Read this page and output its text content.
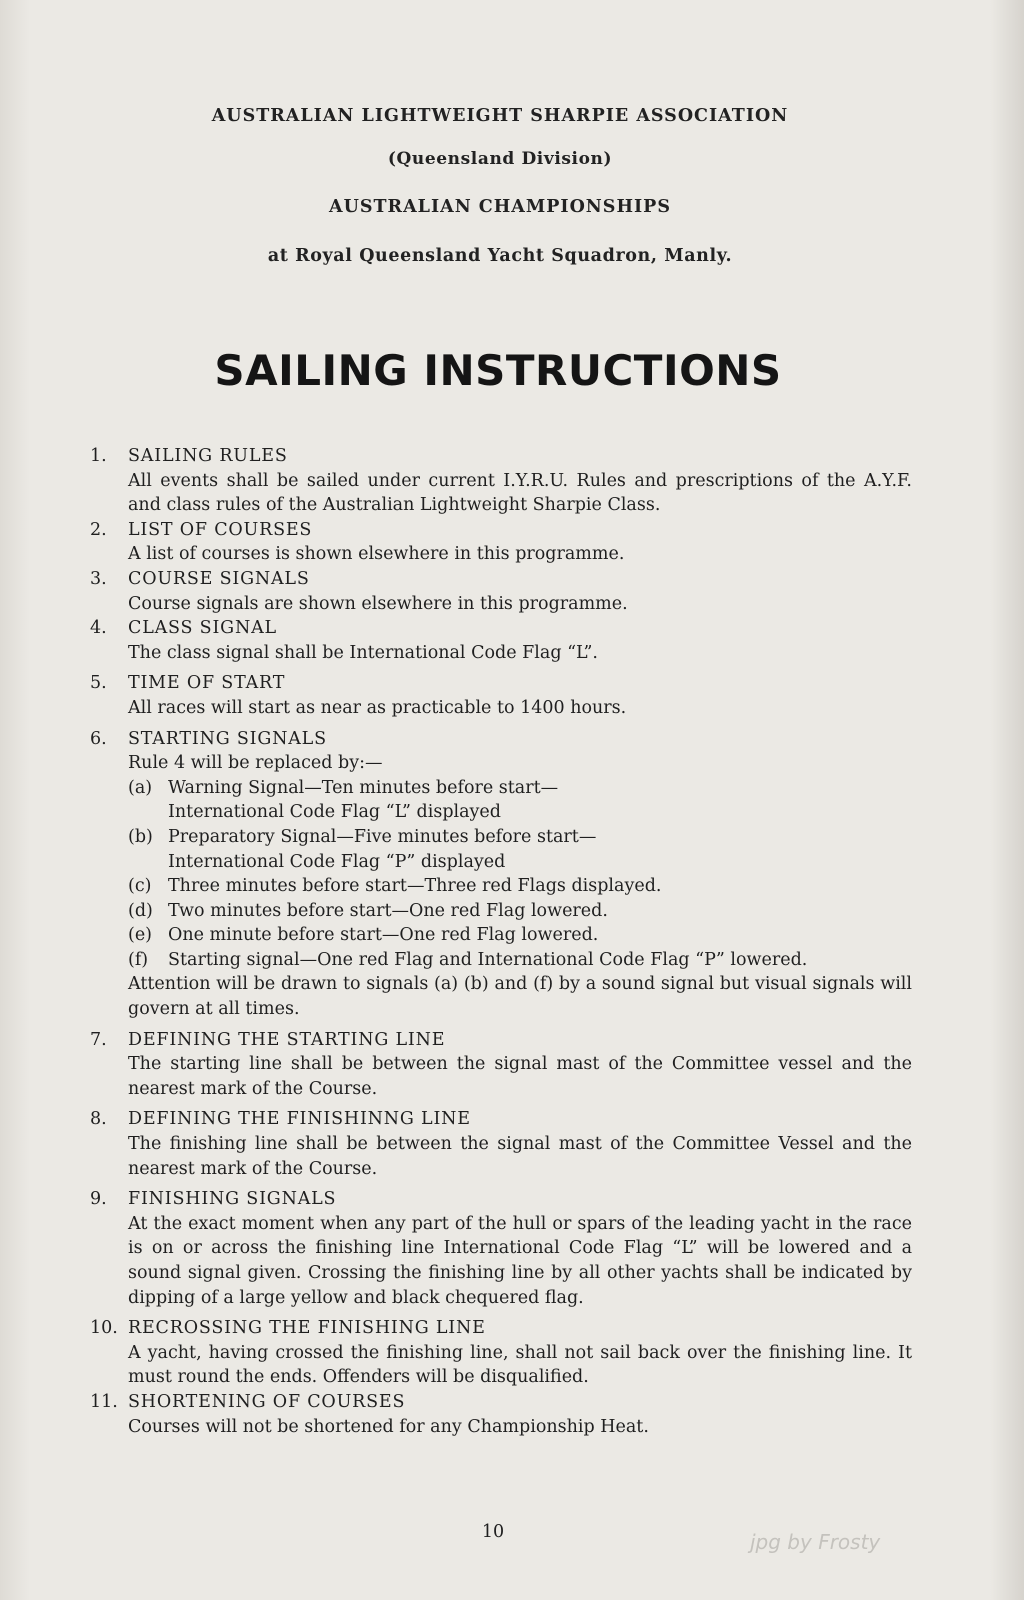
AUSTRALIAN LIGHTWEIGHT SHARPIE ASSOCIATION
(Queensland Division)
AUSTRALIAN CHAMPIONSHIPS
at Royal Queensland Yacht Squadron, Manly.
SAILING INSTRUCTIONS
1.	SAILING RULES
All events shall be sailed under current I.Y.R.U. Rules and prescriptions of the A.Y.F. and class rules of the Australian Lightweight Sharpie Class.
2.	LIST OF COURSES
A list of courses is shown elsewhere in this programme.
3.	COURSE SIGNALS
Course signals are shown elsewhere in this programme.
4.	CLASS SIGNAL
The class signal shall be International Code Flag “L”.
5.	TIME OF START
All races will start as near as practicable to 1400 hours.
6.	STARTING SIGNALS
Rule 4 will be replaced by:—
(a) Warning Signal—Ten minutes before start—
International Code Flag “L” displayed
(b) Preparatory Signal—Five minutes before start—
International Code Flag “P” displayed
(c) Three minutes before start—Three red Flags displayed.
(d) Two minutes before start—One red Flag lowered.
(e) One minute before start—One red Flag lowered.
(f) Starting signal—One red Flag and International Code Flag “P” lowered.
Attention will be drawn to signals (a) (b) and (f) by a sound signal but visual signals will govern at all times.
7.	DEFINING THE STARTING LINE
The starting line shall be between the signal mast of the Committee vessel and the nearest mark of the Course.
8.	DEFINING THE FINISHINNG LINE
The finishing line shall be between the signal mast of the Committee Vessel and the nearest mark of the Course.
9.	FINISHING SIGNALS
At the exact moment when any part of the hull or spars of the leading yacht in the race is on or across the finishing line International Code Flag “L” will be lowered and a sound signal given. Crossing the finishing line by all other yachts shall be indicated by dipping of a large yellow and black chequered flag.
10. RECROSSING THE FINISHING LINE
A yacht, having crossed the finishing line, shall not sail back over the finishing line. It must round the ends. Offenders will be disqualified.
11. SHORTENING OF COURSES
Courses will not be shortened for any Championship Heat.
10	jpg by Frosty
